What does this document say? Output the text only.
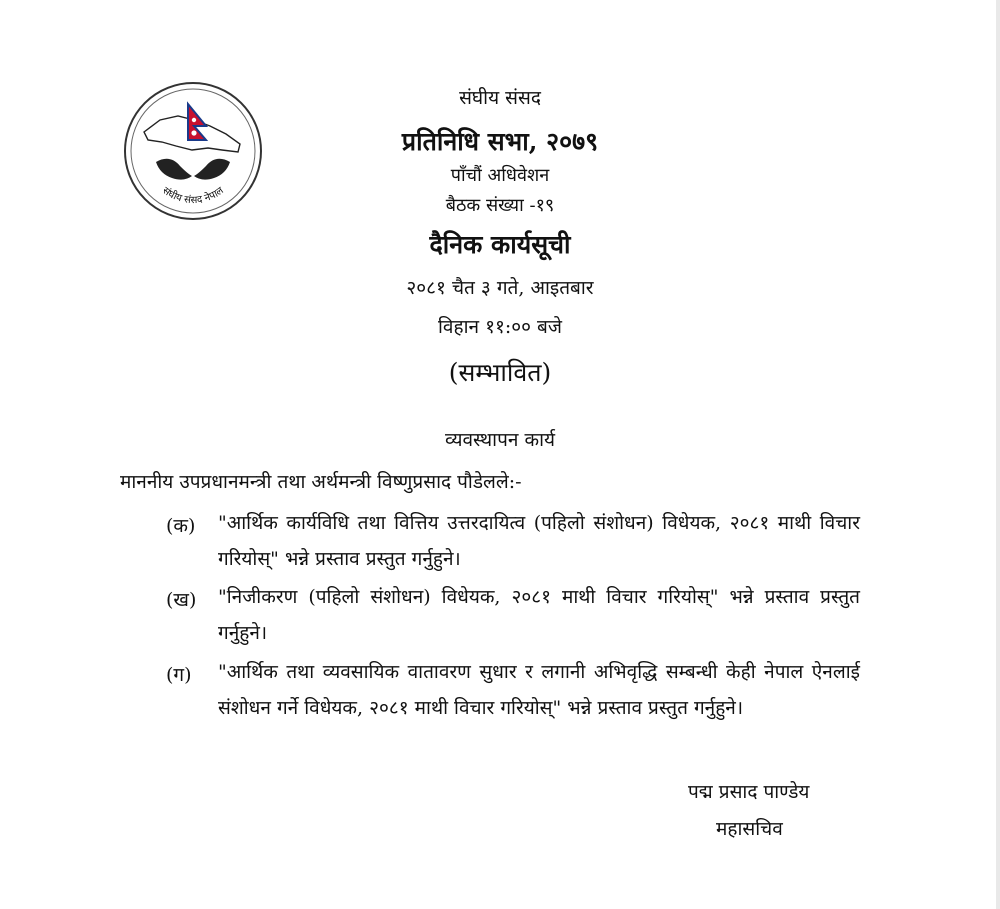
संघीय संसद नेपाल
संघीय संसद
प्रतिनिधि सभा, २०७९
पाँचौं अधिवेशन
बैठक संख्या -१९
दैनिक कार्यसूची
२०८१ चैत ३ गते, आइतबार
विहान ११:०० बजे
(सम्भावित)
व्यवस्थापन कार्य
माननीय उपप्रधानमन्त्री तथा अर्थमन्त्री विष्णुप्रसाद पौडेलले:-
(क) "आर्थिक कार्यविधि तथा वित्तिय उत्तरदायित्व (पहिलो संशोधन) विधेयक, २०८१ माथी विचार गरियोस्" भन्ने प्रस्ताव प्रस्तुत गर्नुहुने।
(ख) "निजीकरण (पहिलो संशोधन) विधेयक, २०८१ माथी विचार गरियोस्" भन्ने प्रस्ताव प्रस्तुत गर्नुहुने।
(ग) "आर्थिक तथा व्यवसायिक वातावरण सुधार र लगानी अभिवृद्धि सम्बन्धी केही नेपाल ऐनलाई संशोधन गर्ने विधेयक, २०८१ माथी विचार गरियोस्" भन्ने प्रस्ताव प्रस्तुत गर्नुहुने।
पद्म प्रसाद पाण्डेय
महासचिव
